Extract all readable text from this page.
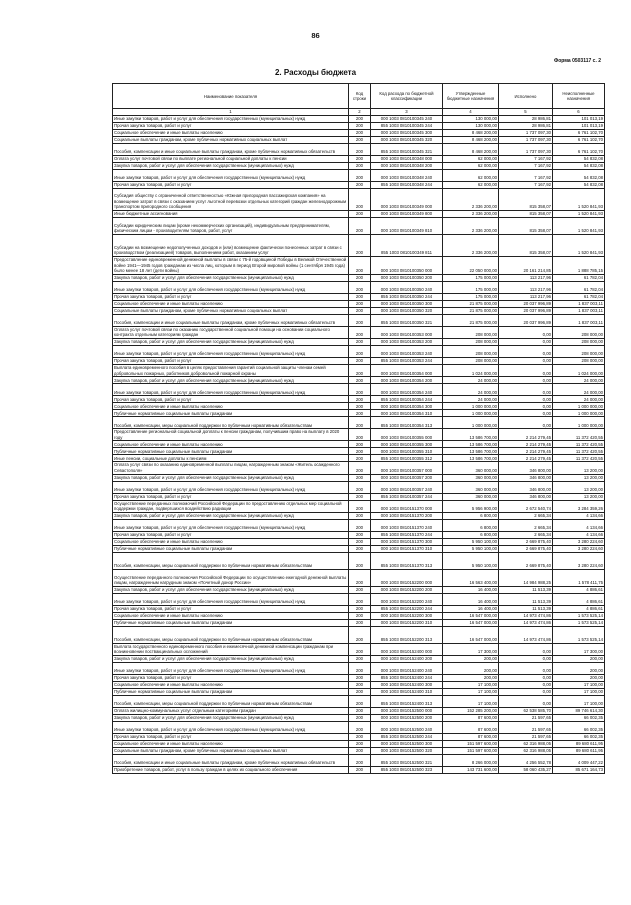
86
Форма 0503117 с. 2
2. Расходы бюджета
Наименование показателя	Код строки	Код расхода по бюджетной классификации	Утвержденные бюджетные назначения	Исполнено	Неисполненные назначения
1	2	3	4	5	6
Иные закупки товаров, работ и услуг для обеспечения государственных (муниципальных) нужд	200	000 1003 0810100345 240	130 000,00	28 986,81	101 013,19
Прочая закупка товаров, работ и услуг	200	855 1003 0810100345 244	130 000,00	28 986,81	101 013,19
Социальное обеспечение и иные выплаты населению	200	000 1003 0810100345 300	8 468 200,00	1 737 097,30	6 761 102,70
Социальные выплаты гражданам, кроме публичных нормативных социальных выплат	200	000 1003 0810100345 320	8 468 200,00	1 737 097,30	6 761 102,70
Пособия, компенсации и иные социальные выплаты гражданам, кроме публичных нормативных обязательств	200	855 1003 0810100345 321	8 468 200,00	1 737 097,30	6 761 102,70
Оплата услуг почтовой связи по выплате региональной социальной доплаты к пенсии	200	000 1003 0810100348 000	62 000,00	7 167,92	54 832,08
Закупка товаров, работ и услуг для обеспечения государственных (муниципальных) нужд	200	000 1003 0810100348 200	62 000,00	7 167,92	54 832,08
Иные закупки товаров, работ и услуг для обеспечения государственных (муниципальных) нужд	200	000 1003 0810100348 240	62 000,00	7 167,92	54 832,08
Прочая закупка товаров, работ и услуг	200	855 1003 0810100348 244	62 000,00	7 167,92	54 832,08
Субсидия обществу с ограниченной ответственностью «Южная пригородная пассажирская компания» на возмещение затрат в связи с оказанием услуг льготной перевозки отдельных категорий граждан железнодорожным транспортом пригородного сообщения	200	000 1003 0810100349 000	2 336 200,00	815 358,07	1 520 841,93
Иные бюджетные ассигнования	200	000 1003 0810100349 800	2 336 200,00	815 358,07	1 520 841,93
Субсидии юридическим лицам (кроме некоммерческих организаций), индивидуальным предпринимателям, физическим лицам - производителям товаров, работ, услуг	200	000 1003 0810100349 810	2 336 200,00	815 358,07	1 520 841,93
Субсидии на возмещение недополученных доходов и (или) возмещение фактически понесенных затрат в связи с производством (реализацией) товаров, выполнением работ, оказанием услуг	200	855 1003 0810100349 811	2 336 200,00	815 358,07	1 520 841,93
Предоставление единовременной денежной выплаты в связи с 75-й годовщиной Победы в Великой Отечественной войне 1941—1945 годов гражданам из числа лиц, которым в период Второй мировой войны (1 сентября 1945 года) было менее 18 лет (дети войны)	200	000 1003 0810100350 000	22 050 000,00	20 161 214,85	1 888 785,15
Закупка товаров, работ и услуг для обеспечения государственных (муниципальных) нужд	200	000 1003 0810100350 200	175 000,00	113 217,96	61 782,04
Иные закупки товаров, работ и услуг для обеспечения государственных (муниципальных) нужд	200	000 1003 0810100350 240	175 000,00	113 217,96	61 782,04
Прочая закупка товаров, работ и услуг	200	855 1003 0810100350 244	175 000,00	113 217,96	61 782,04
Социальное обеспечение и иные выплаты населению	200	000 1003 0810100350 300	21 875 000,00	20 037 996,89	1 837 003,11
Социальные выплаты гражданам, кроме публичных нормативных социальных выплат	200	000 1003 0810100350 320	21 875 000,00	20 037 996,89	1 837 003,11
Пособия, компенсации и иные социальные выплаты гражданам, кроме публичных нормативных обязательств	200	855 1003 0810100350 321	21 875 000,00	20 037 996,89	1 837 003,11
Оплата услуг почтовой связи по оказанию государственной социальной помощи на основании социального контракта отдельным категориям граждан	200	000 1003 0810100353 000	208 000,00	0,00	208 000,00
Закупка товаров, работ и услуг для обеспечения государственных (муниципальных) нужд	200	000 1003 0810100353 200	208 000,00	0,00	208 000,00
Иные закупки товаров, работ и услуг для обеспечения государственных (муниципальных) нужд	200	000 1003 0810100353 240	208 000,00	0,00	208 000,00
Прочая закупка товаров, работ и услуг	200	855 1003 0810100353 244	208 000,00	0,00	208 000,00
Выплата единовременного пособия в целях предоставления гарантий социальной защиты членам семей добровольных пожарных, работников добровольной пожарной охраны	200	000 1003 0810100354 000	1 024 000,00	0,00	1 024 000,00
Закупка товаров, работ и услуг для обеспечения государственных (муниципальных) нужд	200	000 1003 0810100354 200	24 000,00	0,00	24 000,00
Иные закупки товаров, работ и услуг для обеспечения государственных (муниципальных) нужд	200	000 1003 0810100354 240	24 000,00	0,00	24 000,00
Прочая закупка товаров, работ и услуг	200	855 1003 0810100354 244	24 000,00	0,00	24 000,00
Социальное обеспечение и иные выплаты населению	200	000 1003 0810100354 300	1 000 000,00	0,00	1 000 000,00
Публичные нормативные социальные выплаты гражданам	200	000 1003 0810100354 310	1 000 000,00	0,00	1 000 000,00
Пособия, компенсации, меры социальной поддержки по публичным нормативным обязательствам	200	855 1003 0810100354 313	1 000 000,00	0,00	1 000 000,00
Предоставление региональной социальной доплаты к пенсии гражданам, получившим право на выплату в 2020 году	200	000 1003 0810100355 000	13 586 700,00	2 214 279,45	11 372 420,55
Социальное обеспечение и иные выплаты населению	200	000 1003 0810100355 300	13 586 700,00	2 214 279,45	11 372 420,55
Публичные нормативные социальные выплаты гражданам	200	000 1003 0810100355 310	13 586 700,00	2 214 279,45	11 372 420,55
Иные пенсии, социальные доплаты к пенсиям	200	855 1003 0810100355 312	13 586 700,00	2 214 279,45	11 372 420,55
Оплата услуг связи по оказанию единовременной выплаты лицам, награжденным знаком «Житель осажденного Севастополя»	200	000 1003 0810100357 000	360 000,00	346 800,00	13 200,00
Закупка товаров, работ и услуг для обеспечения государственных (муниципальных) нужд	200	000 1003 0810100357 200	360 000,00	346 800,00	13 200,00
Иные закупки товаров, работ и услуг для обеспечения государственных (муниципальных) нужд	200	000 1003 0810100357 240	360 000,00	346 800,00	13 200,00
Прочая закупка товаров, работ и услуг	200	855 1003 0810100357 244	360 000,00	346 800,00	13 200,00
Осуществление переданных полномочий Российской Федерации по предоставлению отдельных мер социальной поддержки граждан, подвергшихся воздействию радиации	200	000 1003 0810151370 000	5 956 900,00	2 672 540,74	3 284 359,26
Закупка товаров, работ и услуг для обеспечения государственных (муниципальных) нужд	200	000 1003 0810151370 200	6 800,00	2 665,34	4 134,66
Иные закупки товаров, работ и услуг для обеспечения государственных (муниципальных) нужд	200	000 1003 0810151370 240	6 800,00	2 665,34	4 134,66
Прочая закупка товаров, работ и услуг	200	855 1003 0810151370 244	6 800,00	2 665,34	4 134,66
Социальное обеспечение и иные выплаты населению	200	000 1003 0810151370 300	5 950 100,00	2 669 875,40	3 280 224,60
Публичные нормативные социальные выплаты гражданам	200	000 1003 0810151370 310	5 950 100,00	2 669 875,40	3 280 224,60
Пособия, компенсации, меры социальной поддержки по публичным нормативным обязательствам	200	855 1003 0810151370 313	5 950 100,00	2 669 875,40	3 280 224,60
Осуществление переданного полномочия Российской Федерации по осуществлению ежегодной денежной выплаты лицам, награжденным нагрудным знаком «Почетный донор России»	200	000 1003 0810152200 000	16 563 400,00	14 984 988,25	1 578 411,75
Закупка товаров, работ и услуг для обеспечения государственных (муниципальных) нужд	200	000 1003 0810152200 200	16 400,00	11 513,39	4 886,61
Иные закупки товаров, работ и услуг для обеспечения государственных (муниципальных) нужд	200	000 1003 0810152200 240	16 400,00	11 513,39	4 886,61
Прочая закупка товаров, работ и услуг	200	855 1003 0810152200 244	16 400,00	11 513,39	4 886,61
Социальное обеспечение и иные выплаты населению	200	000 1003 0810152200 300	16 547 000,00	14 973 474,86	1 573 525,14
Публичные нормативные социальные выплаты гражданам	200	000 1003 0810152200 310	16 547 000,00	14 973 474,86	1 573 525,14
Пособия, компенсации, меры социальной поддержки по публичным нормативным обязательствам	200	855 1003 0810152200 313	16 547 000,00	14 973 474,86	1 573 525,14
Выплата государственного единовременного пособия и ежемесячной денежной компенсации гражданам при возникновении поствакцинальных осложнений	200	000 1003 0810152400 000	17 300,00	0,00	17 300,00
Закупка товаров, работ и услуг для обеспечения государственных (муниципальных) нужд	200	000 1003 0810152400 200	200,00	0,00	200,00
Иные закупки товаров, работ и услуг для обеспечения государственных (муниципальных) нужд	200	000 1003 0810152400 240	200,00	0,00	200,00
Прочая закупка товаров, работ и услуг	200	855 1003 0810152400 244	200,00	0,00	200,00
Социальное обеспечение и иные выплаты населению	200	000 1003 0810152400 300	17 100,00	0,00	17 100,00
Публичные нормативные социальные выплаты гражданам	200	000 1003 0810152400 310	17 100,00	0,00	17 100,00
Пособия, компенсации, меры социальной поддержки по публичным нормативным обязательствам	200	855 1003 0810152400 313	17 100,00	0,00	17 100,00
Оплата жилищно-коммунальных услуг отдельным категориям граждан	200	000 1003 0810152500 000	152 285 200,00	62 538 585,70	89 746 614,30
Закупка товаров, работ и услуг для обеспечения государственных (муниципальных) нужд	200	000 1003 0810152500 200	87 600,00	21 597,65	66 002,35
Иные закупки товаров, работ и услуг для обеспечения государственных (муниципальных) нужд	200	000 1003 0810152500 240	87 600,00	21 597,65	66 002,35
Прочая закупка товаров, работ и услуг	200	855 1003 0810152500 244	87 600,00	21 597,65	66 002,35
Социальное обеспечение и иные выплаты населению	200	000 1003 0810152500 300	151 597 600,00	62 316 988,05	89 680 611,95
Социальные выплаты гражданам, кроме публичных нормативных социальных выплат	200	000 1003 0810152500 320	151 597 600,00	62 316 988,05	89 680 611,95
Пособия, компенсации и иные социальные выплаты гражданам, кроме публичных нормативных обязательств	200	855 1003 0810152500 321	8 266 000,00	4 256 552,78	4 009 447,22
Приобретение товаров, работ, услуг в пользу граждан в целях их социального обеспечения	200	855 1003 0810152500 323	143 731 600,00	58 060 435,27	85 671 164,73
